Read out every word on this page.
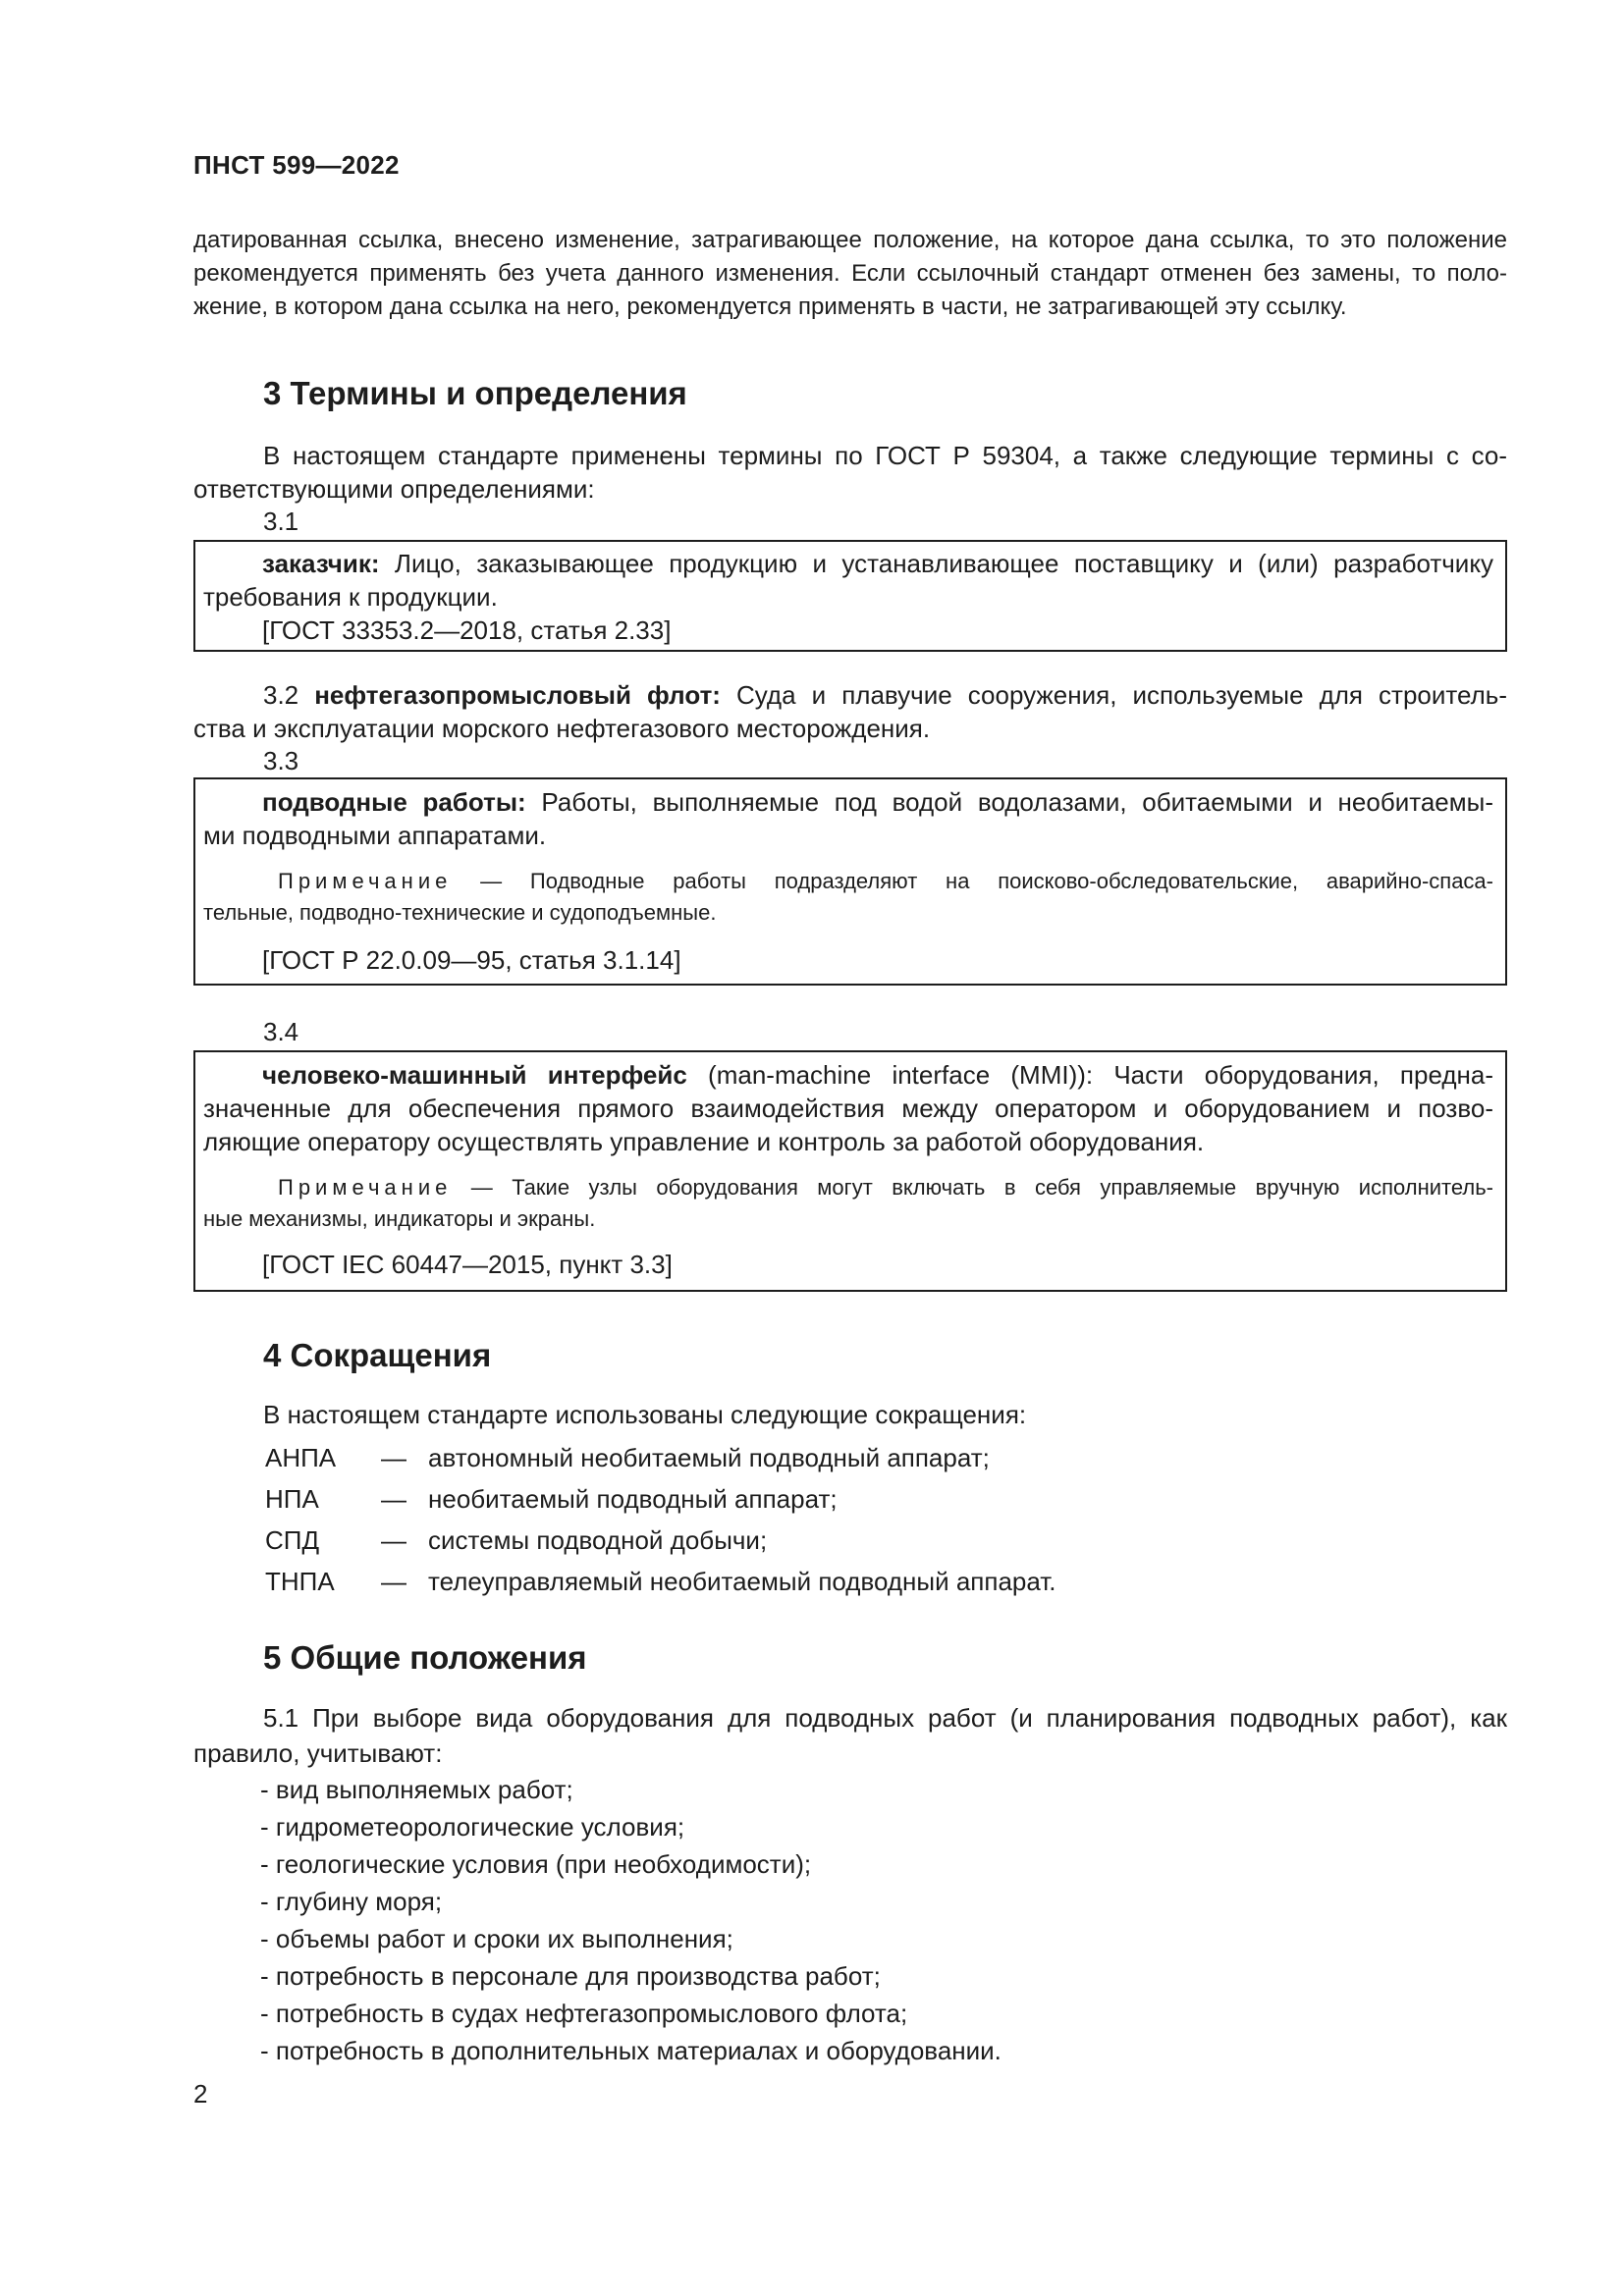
ПНСТ 599—2022
датированная ссылка, внесено изменение, затрагивающее положение, на которое дана ссылка, то это положение
рекомендуется применять без учета данного изменения. Если ссылочный стандарт отменен без замены, то поло-
жение, в котором дана ссылка на него, рекомендуется применять в части, не затрагивающей эту ссылку.
3 Термины и определения
В настоящем стандарте применены термины по ГОСТ Р 59304, а также следующие термины с со-
ответствующими определениями:
3.1
заказчик: Лицо, заказывающее продукцию и устанавливающее поставщику и (или) разработчику
требования к продукции.
[ГОСТ 33353.2—2018, статья 2.33]
3.2 нефтегазопромысловый флот: Суда и плавучие сооружения, используемые для строитель-
ства и эксплуатации морского нефтегазового месторождения.
3.3
подводные работы: Работы, выполняемые под водой водолазами, обитаемыми и необитаемы-
ми подводными аппаратами.
Примечание — Подводные работы подразделяют на поисково-обследовательские, аварийно-спаса-
тельные, подводно-технические и судоподъемные.
[ГОСТ Р 22.0.09—95, статья 3.1.14]
3.4
человеко-машинный интерфейс (man-machine interface (MMI)): Части оборудования, предна-
значенные для обеспечения прямого взаимодействия между оператором и оборудованием и позво-
ляющие оператору осуществлять управление и контроль за работой оборудования.
Примечание — Такие узлы оборудования могут включать в себя управляемые вручную исполнитель-
ные механизмы, индикаторы и экраны.
[ГОСТ IEC 60447—2015, пункт 3.3]
4 Сокращения
В настоящем стандарте использованы следующие сокращения:
АНПА — автономный необитаемый подводный аппарат;
НПА — необитаемый подводный аппарат;
СПД — системы подводной добычи;
ТНПА — телеуправляемый необитаемый подводный аппарат.
5 Общие положения
5.1 При выборе вида оборудования для подводных работ (и планирования подводных работ), как
правило, учитывают:
- вид выполняемых работ;
- гидрометеорологические условия;
- геологические условия (при необходимости);
- глубину моря;
- объемы работ и сроки их выполнения;
- потребность в персонале для производства работ;
- потребность в судах нефтегазопромыслового флота;
- потребность в дополнительных материалах и оборудовании.
2
